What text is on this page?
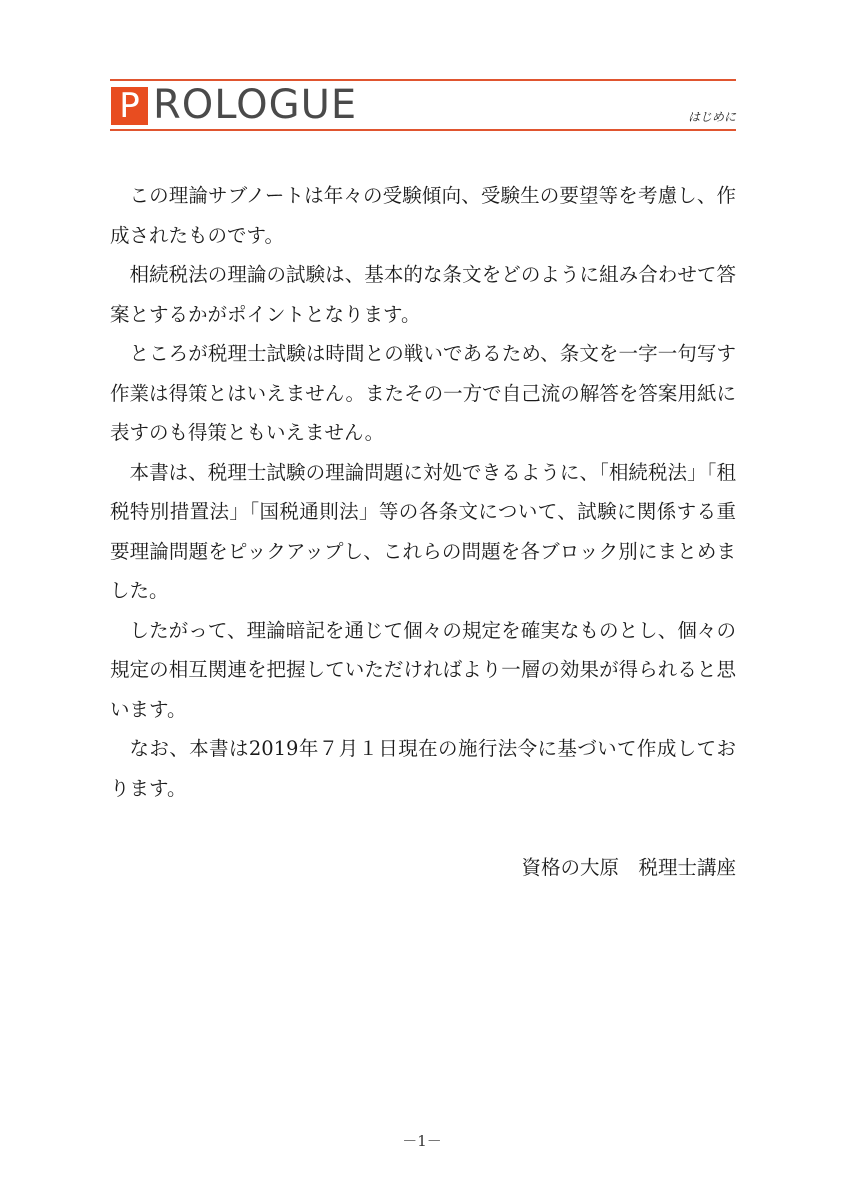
P ROLOGUE	はじめに

この理論サブノートは年々の受験傾向、受験生の要望等を考慮し、作成されたものです。

相続税法の理論の試験は、基本的な条文をどのように組み合わせて答案とするかがポイントとなります。

ところが税理士試験は時間との戦いであるため、条文を一字一句写す作業は得策とはいえません。またその一方で自己流の解答を答案用紙に表すのも得策ともいえません。

本書は、税理士試験の理論問題に対処できるように、「相続税法」「租税特別措置法」「国税通則法」等の各条文について、試験に関係する重要理論問題をピックアップし、これらの問題を各ブロック別にまとめました。

したがって、理論暗記を通じて個々の規定を確実なものとし、個々の規定の相互関連を把握していただければより一層の効果が得られると思います。

なお、本書は2019年７月１日現在の施行法令に基づいて作成しております。

資格の大原　税理士講座
－1－
